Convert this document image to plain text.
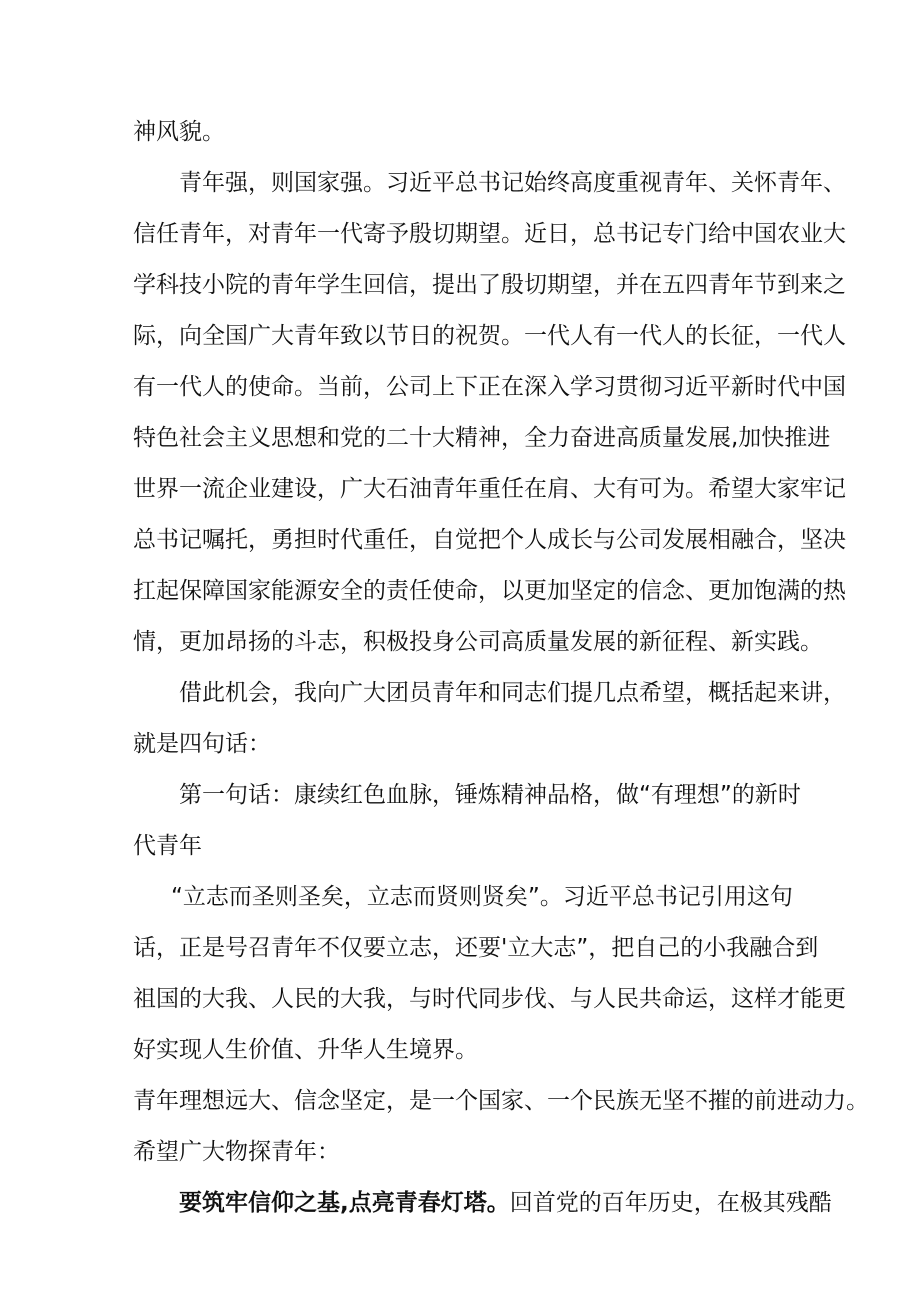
神风貌。

青年强，则国家强。习近平总书记始终高度重视青年、关怀青年、

信任青年，对青年一代寄予殷切期望。近日，总书记专门给中国农业大

学科技小院的青年学生回信，提出了殷切期望，并在五四青年节到来之

际，向全国广大青年致以节日的祝贺。一代人有一代人的长征，一代人

有一代人的使命。当前，公司上下正在深入学习贯彻习近平新时代中国

特色社会主义思想和党的二十大精神，全力奋进高质量发展,加快推进

世界一流企业建设，广大石油青年重任在肩、大有可为。希望大家牢记

总书记嘱托，勇担时代重任，自觉把个人成长与公司发展相融合，坚决

扛起保障国家能源安全的责任使命，以更加坚定的信念、更加饱满的热

情，更加昂扬的斗志，积极投身公司高质量发展的新征程、新实践。

借此机会，我向广大团员青年和同志们提几点希望，概括起来讲，

就是四句话：

第一句话：康续红色血脉，锤炼精神品格，做“有理想”的新时

代青年

“立志而圣则圣矣，立志而贤则贤矣”。习近平总书记引用这句

话，正是号召青年不仅要立志，还要'立大志”，把自己的小我融合到

祖国的大我、人民的大我，与时代同步伐、与人民共命运，这样才能更

好实现人生价值、升华人生境界。

青年理想远大、信念坚定，是一个国家、一个民族无坚不摧的前进动力。

希望广大物探青年：

要筑牢信仰之基,点亮青春灯塔。回首党的百年历史，在极其残酷
